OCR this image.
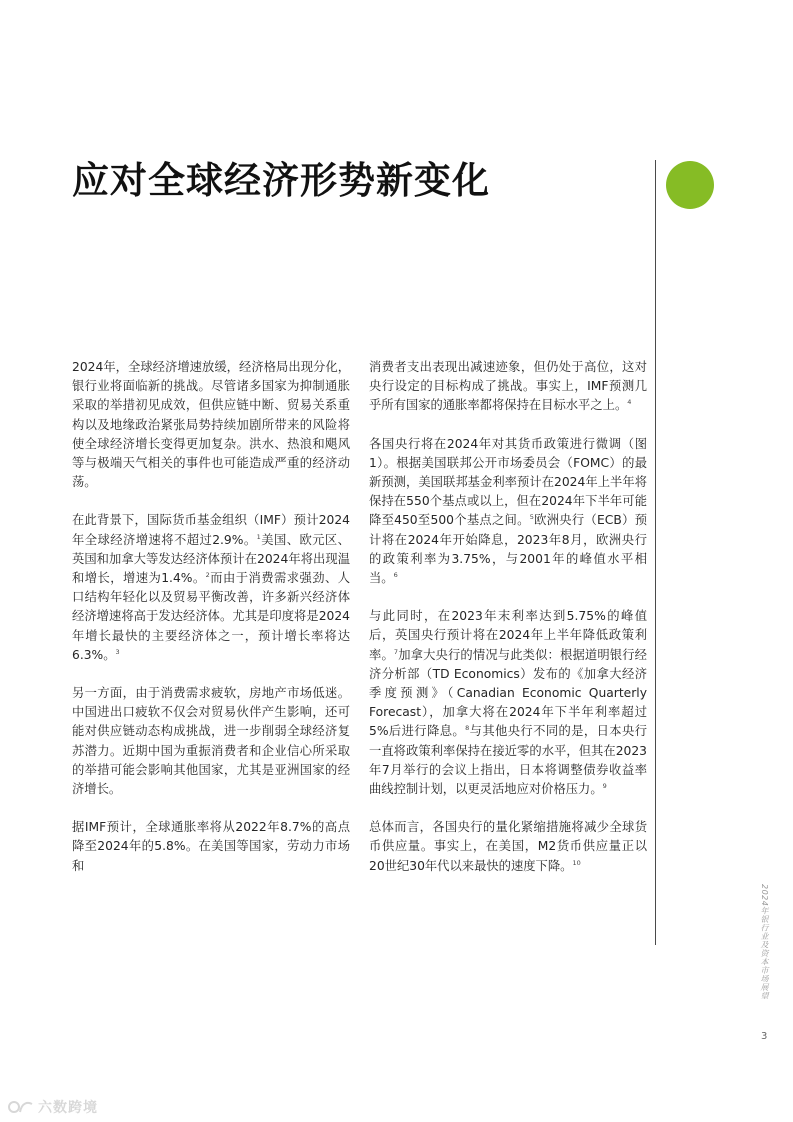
应对全球经济形势新变化

2024年，全球经济增速放缓，经济格局出现分化，银行业将面临新的挑战。尽管诸多国家为抑制通胀采取的举措初见成效，但供应链中断、贸易关系重构以及地缘政治紧张局势持续加剧所带来的风险将使全球经济增长变得更加复杂。洪水、热浪和飓风等与极端天气相关的事件也可能造成严重的经济动荡。

在此背景下，国际货币基金组织（IMF）预计2024年全球经济增速将不超过2.9%。$^1$美国、欧元区、英国和加拿大等发达经济体预计在2024年将出现温和增长，增速为1.4%。$^2$而由于消费需求强劲、人口结构年轻化以及贸易平衡改善，许多新兴经济体经济增速将高于发达经济体。尤其是印度将是2024年增长最快的主要经济体之一，预计增长率将达6.3%。$^3$

另一方面，由于消费需求疲软，房地产市场低迷。中国进出口疲软不仅会对贸易伙伴产生影响，还可能对供应链动态构成挑战，进一步削弱全球经济复苏潜力。近期中国为重振消费者和企业信心所采取的举措可能会影响其他国家，尤其是亚洲国家的经济增长。

据IMF预计，全球通胀率将从2022年8.7%的高点降至2024年的5.8%。在美国等国家，劳动力市场和

消费者支出表现出减速迹象，但仍处于高位，这对央行设定的目标构成了挑战。事实上，IMF预测几乎所有国家的通胀率都将保持在目标水平之上。$^4$

各国央行将在2024年对其货币政策进行微调（图1）。根据美国联邦公开市场委员会（FOMC）的最新预测，美国联邦基金利率预计在2024年上半年将保持在550个基点或以上，但在2024年下半年可能降至450至500个基点之间。$^5$欧洲央行（ECB）预计将在2024年开始降息，2023年8月，欧洲央行的政策利率为3.75%，与2001年的峰值水平相当。$^6$

与此同时，在2023年末利率达到5.75%的峰值后，英国央行预计将在2024年上半年降低政策利率。$^7$加拿大央行的情况与此类似：根据道明银行经济分析部（TD Economics）发布的《加拿大经济季度预测》（Canadian Economic Quarterly Forecast），加拿大将在2024年下半年利率超过5%后进行降息。$^8$与其他央行不同的是，日本央行一直将政策利率保持在接近零的水平，但其在2023年7月举行的会议上指出，日本将调整债券收益率曲线控制计划，以更灵活地应对价格压力。$^9$

总体而言，各国央行的量化紧缩措施将减少全球货币供应量。事实上，在美国，M2货币供应量正以20世纪30年代以来最快的速度下降。$^{10}$

2024年银行业及资本市场展望
3
六数跨境
